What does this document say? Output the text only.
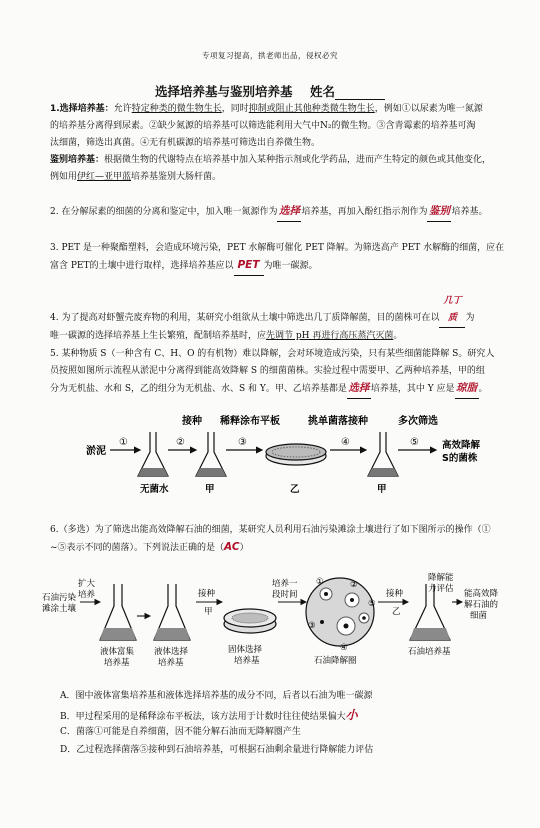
专项复习提高，拱老师出品，侵权必究
选择培养基与鉴别培养基 姓名
1.选择培养基：允许特定种类的微生物生长，同时抑制或阻止其他种类微生物生长，例如①以尿素为唯一氮源
的培养基分离得到尿素。②缺少氮源的培养基可以筛选能利用大气中N₂的微生物。③含青霉素的培养基可淘
汰细菌，筛选出真菌。④无有机碳源的培养基可筛选出自养微生物。
鉴别培养基：根据微生物的代谢特点在培养基中加入某种指示剂或化学药品，进而产生特定的颜色或其他变化，
例如用伊红—亚甲蓝培养基鉴别大肠杆菌。
2. 在分解尿素的细菌的分离和鉴定中，加入唯一氮源作为 选择 培养基，再加入酚红指示剂作为 鉴别 培养基。
3. PET 是一种聚酯塑料，会造成环境污染，PET 水解酶可催化 PET 降解。为筛选高产 PET 水解酶的细菌，应在
富含 PET的土壤中进行取样，选择培养基应以 PET 为唯一碳源。
4. 为了提高对虾蟹壳废弃物的利用，某研究小组欲从土壤中筛选出几丁质降解菌，目的菌株可在以几丁质 为
唯一碳源的选择培养基上生长繁殖，配制培养基时，应先调节 pH 再进行高压蒸汽灭菌。
5. 某种物质 S（一种含有 C、H、O 的有机物）难以降解，会对环境造成污染，只有某些细菌能降解 S。研究人
员按照如图所示流程从淤泥中分离得到能高效降解 S 的细菌菌株。实验过程中需要甲、乙两种培养基，甲的组
分为无机盐、水和 S，乙的组分为无机盐、水、S 和 Y。甲、乙培养基都是 选择 培养基，其中 Y 应是 琼脂 。
接种 稀释涂布平板	挑单菌落接种	多次筛选
淤泥
①	②	③	④	⑤
无菌水	甲	乙	甲
高效降解
S的菌株
6.（多选）为了筛选出能高效降解石油的细菌，某研究人员利用石油污染滩涂土壤进行了如下图所示的操作（①
~⑤表示不同的菌落）。下列说法正确的是（AC）
石油污染
滩涂土壤
扩大
培养
液体富集
培养基
液体选择
培养基
接种
甲
固体选择
培养基
培养一
段时间
①	②
③
④
⑤
石油降解圈
接种
乙
石油培养基
降解能
力评估 能高效降
解石油的
细菌
A．图中液体富集培养基和液体选择培养基的成分不同，后者以石油为唯一碳源
B．甲过程采用的是稀释涂布平板法，该方法用于计数时往往使结果偏大小
C．菌落①可能是自养细菌，因不能分解石油而无降解圈产生
D．乙过程选择菌落⑤接种到石油培养基，可根据石油剩余量进行降解能力评估
